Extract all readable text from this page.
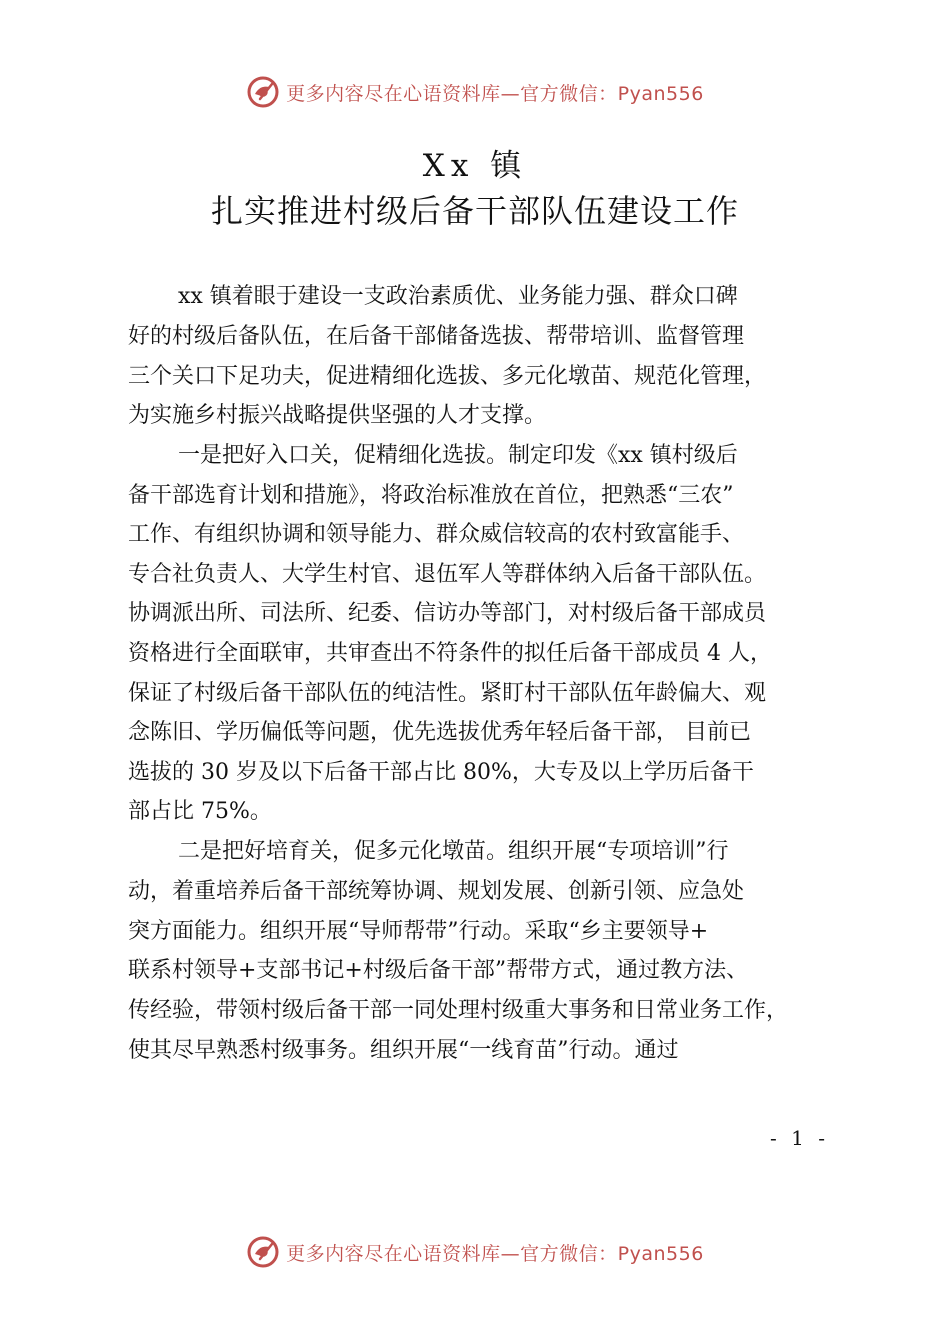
更多内容尽在心语资料库—官方微信：Pyan556
Xx 镇
扎实推进村级后备干部队伍建设工作
xx 镇着眼于建设一支政治素质优、业务能力强、群众口碑
好的村级后备队伍，在后备干部储备选拔、帮带培训、监督管理
三个关口下足功夫，促进精细化选拔、多元化墩苗、规范化管理，
为实施乡村振兴战略提供坚强的人才支撑。
一是把好入口关，促精细化选拔。制定印发《xx 镇村级后
备干部选育计划和措施》，将政治标准放在首位，把熟悉“三农”
工作、有组织协调和领导能力、群众威信较高的农村致富能手、
专合社负责人、大学生村官、退伍军人等群体纳入后备干部队伍。
协调派出所、司法所、纪委、信访办等部门，对村级后备干部成员
资格进行全面联审，共审查出不符条件的拟任后备干部成员 4 人，
保证了村级后备干部队伍的纯洁性。紧盯村干部队伍年龄偏大、观
念陈旧、学历偏低等问题，优先选拔优秀年轻后备干部， 目前已
选拔的 30 岁及以下后备干部占比 80%，大专及以上学历后备干
部占比 75%。
二是把好培育关，促多元化墩苗。组织开展“专项培训”行
动，着重培养后备干部统筹协调、规划发展、创新引领、应急处
突方面能力。组织开展“导师帮带”行动。采取“乡主要领导+
联系村领导+支部书记+村级后备干部”帮带方式，通过教方法、
传经验，带领村级后备干部一同处理村级重大事务和日常业务工作，
使其尽早熟悉村级事务。组织开展“一线育苗”行动。通过
- 1 -
更多内容尽在心语资料库—官方微信：Pyan556
